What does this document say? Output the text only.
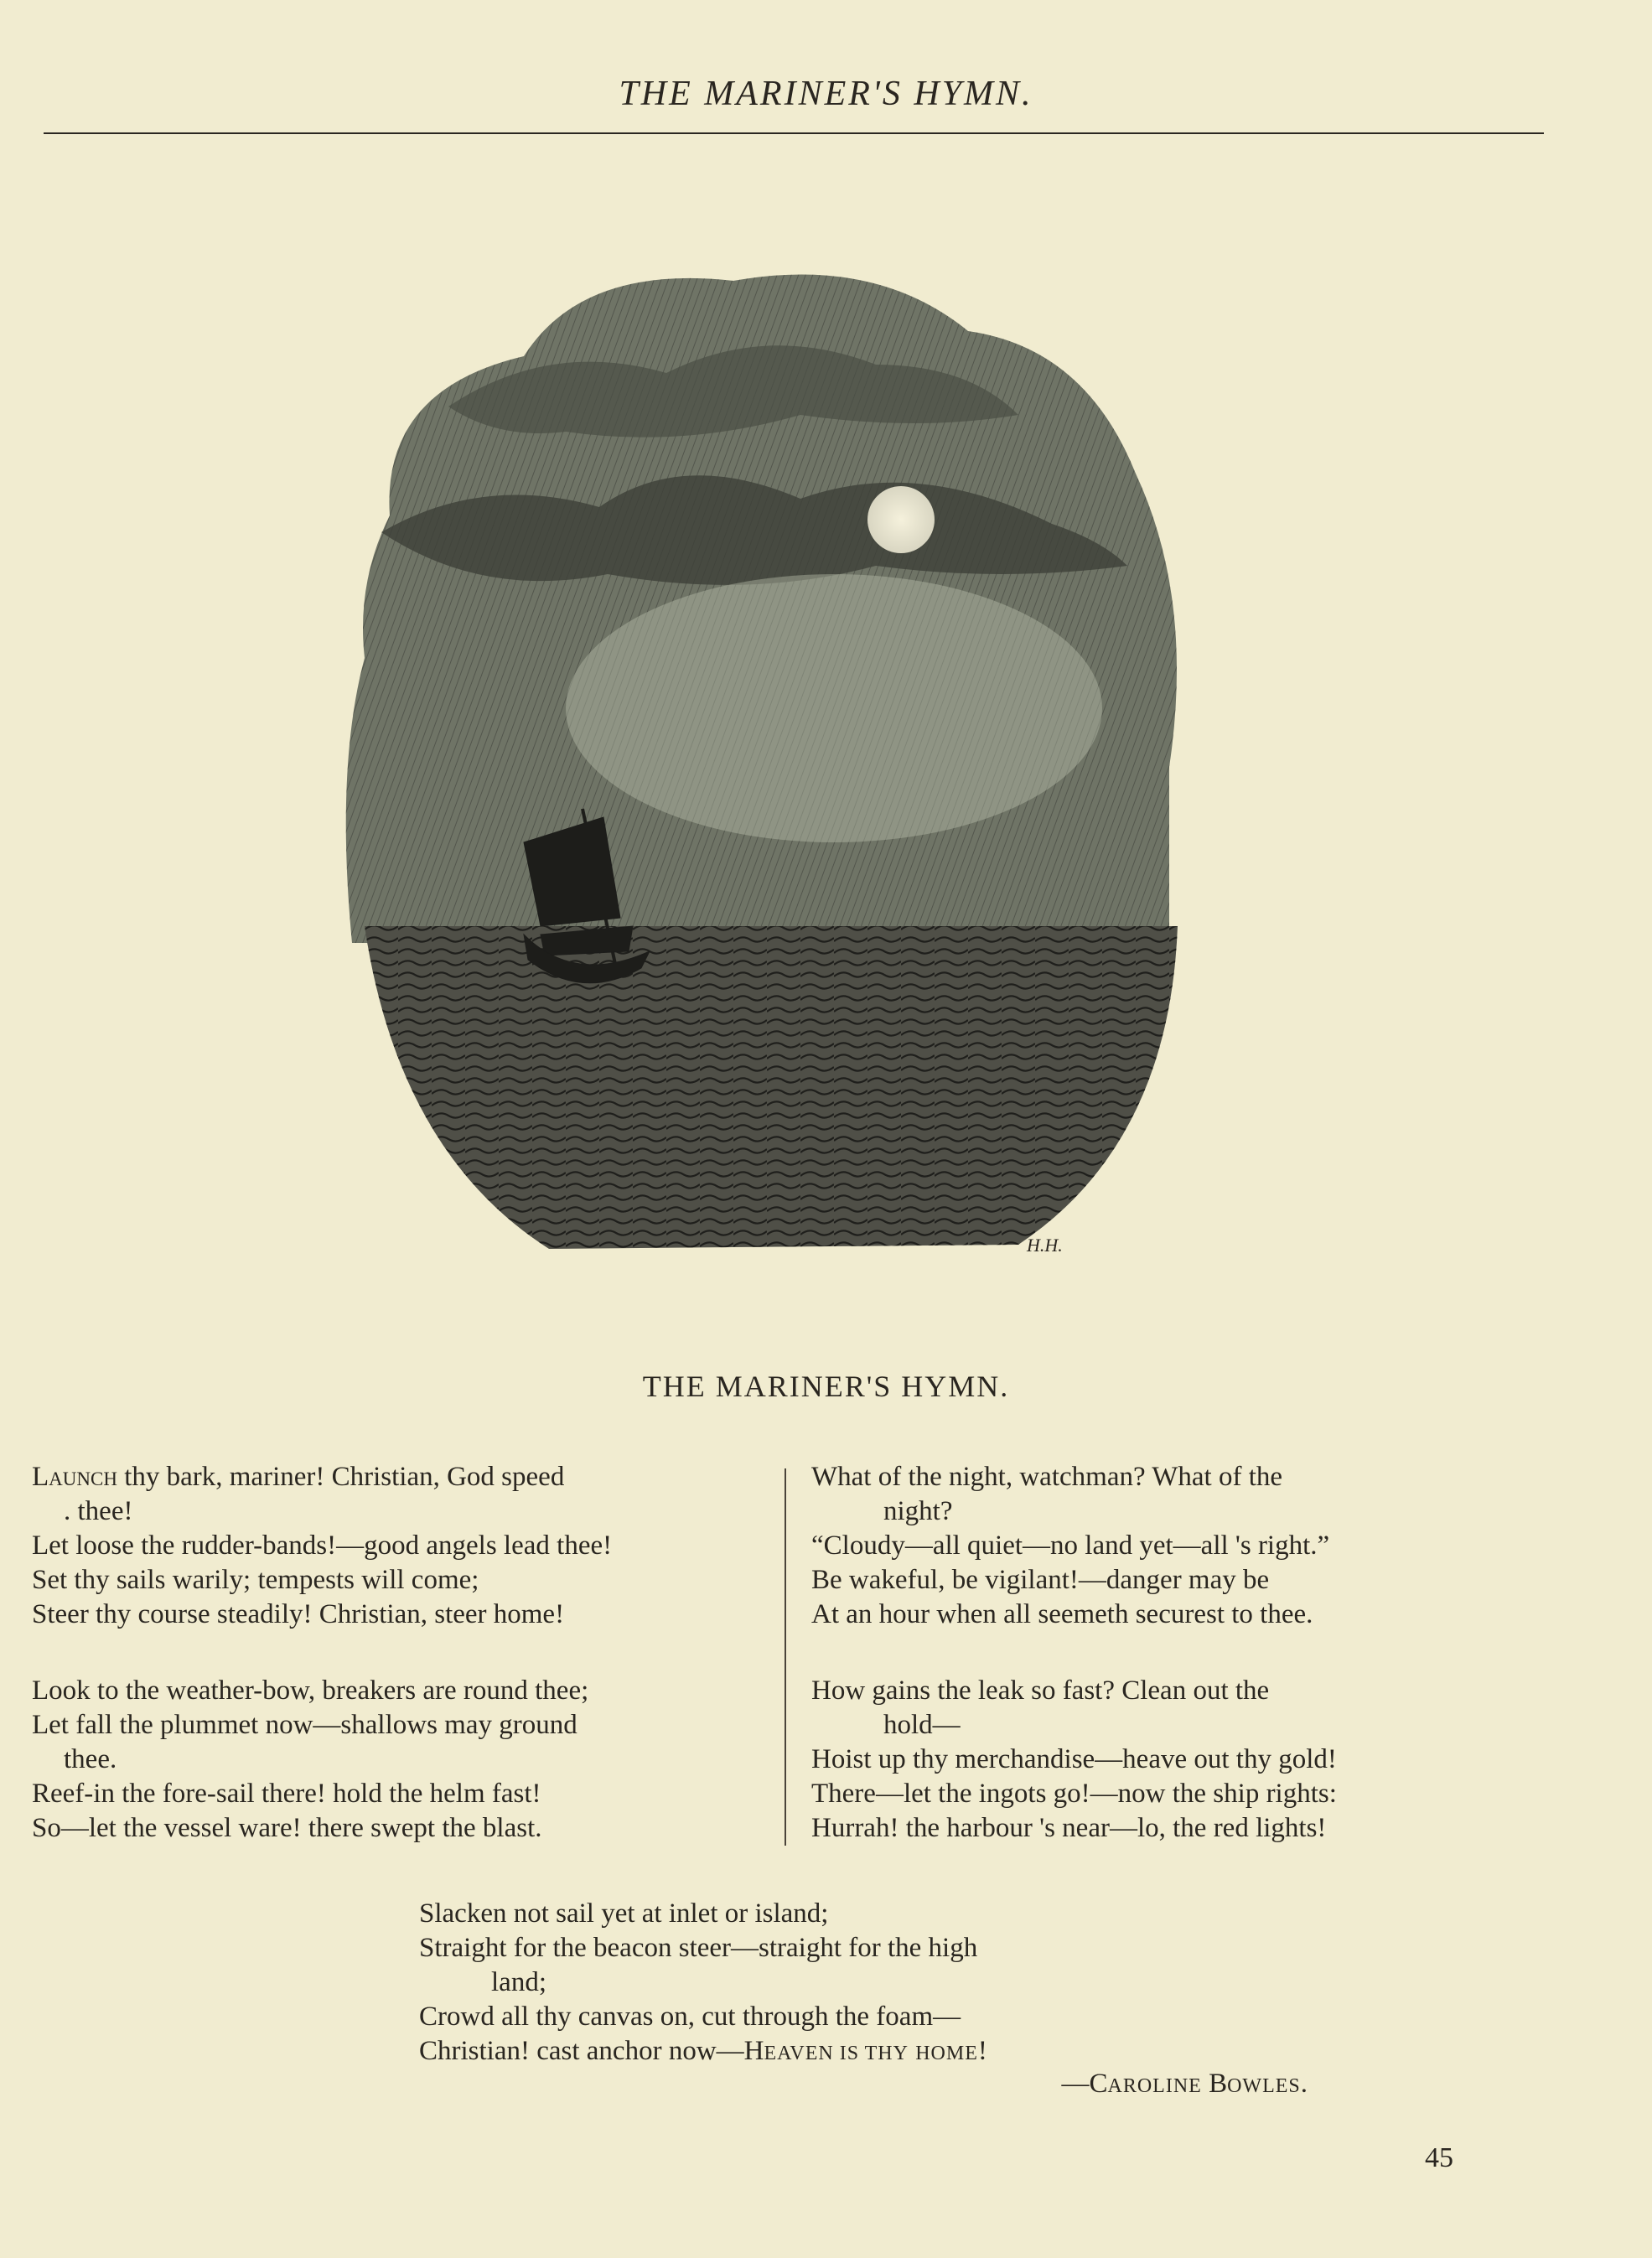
THE MARINER'S HYMN.
H.H.
THE MARINER'S HYMN.
Launch thy bark, mariner! Christian, God speed
. thee!
Let loose the rudder-bands!—good angels lead thee!
Set thy sails warily; tempests will come;
Steer thy course steadily! Christian, steer home!
Look to the weather-bow, breakers are round thee;
Let fall the plummet now—shallows may ground
thee.
Reef-in the fore-sail there! hold the helm fast!
So—let the vessel ware! there swept the blast.
What of the night, watchman? What of the
night?
“Cloudy—all quiet—no land yet—all 's right.”
Be wakeful, be vigilant!—danger may be
At an hour when all seemeth securest to thee.
How gains the leak so fast? Clean out the
hold—
Hoist up thy merchandise—heave out thy gold!
There—let the ingots go!—now the ship rights:
Hurrah! the harbour 's near—lo, the red lights!
Slacken not sail yet at inlet or island;
Straight for the beacon steer—straight for the high
land;
Crowd all thy canvas on, cut through the foam—
Christian! cast anchor now—HEAVEN IS THY HOME!
—CAROLINE BOWLES.
45
